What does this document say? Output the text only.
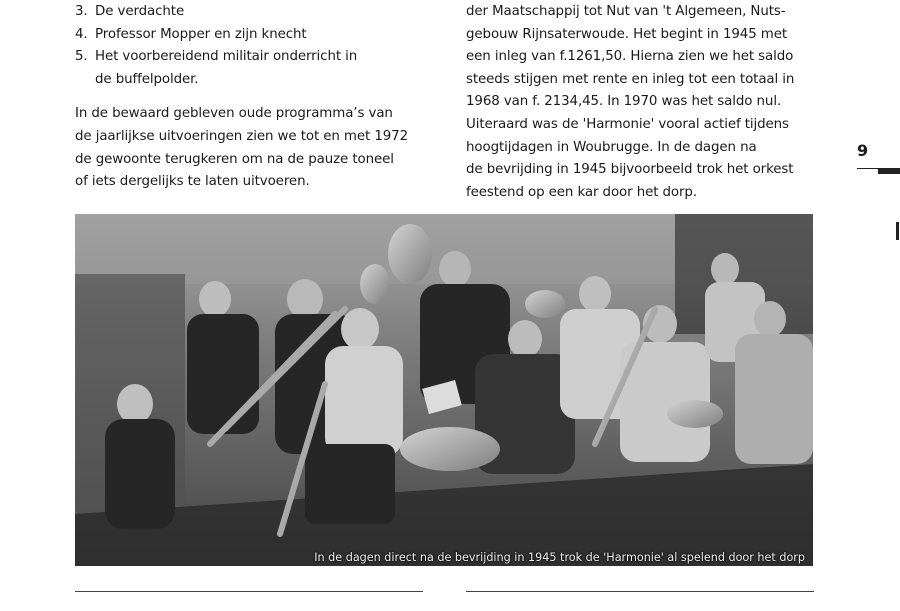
3. De verdachte
4. Professor Mopper en zijn knecht
5. Het voorbereidend militair onderricht in
de buffelpolder.

In de bewaard gebleven oude programma’s van
de jaarlijkse uitvoeringen zien we tot en met 1972
de gewoonte terugkeren om na de pauze toneel
of iets dergelijks te laten uitvoeren.

der Maatschappij tot Nut van 't Algemeen, Nuts-
gebouw Rijnsaterwoude. Het begint in 1945 met
een inleg van f.1261,50. Hierna zien we het saldo
steeds stijgen met rente en inleg tot een totaal in
1968 van f. 2134,45. In 1970 was het saldo nul.
Uiteraard was de 'Harmonie' vooral actief tijdens
hoogtijdagen in Woubrugge. In de dagen na
de bevrijding in 1945 bijvoorbeeld trok het orkest
feestend op een kar door het dorp.

9
In de dagen direct na de bevrijding in 1945 trok de 'Harmonie' al spelend door het dorp
